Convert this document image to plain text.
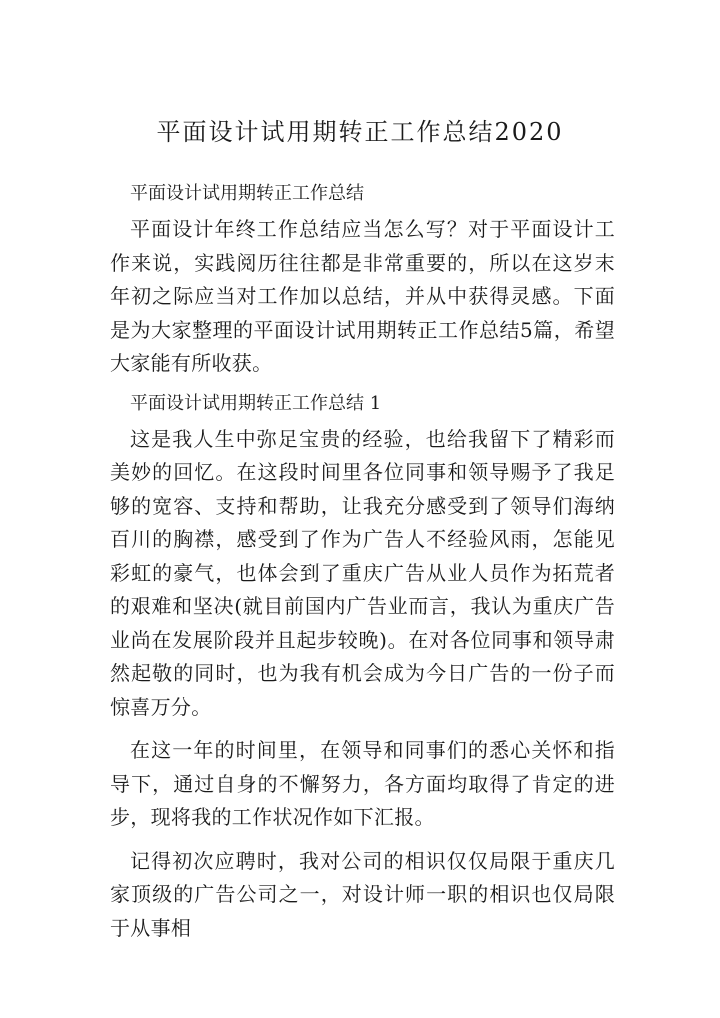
平面设计试用期转正工作总结2020

平面设计试用期转正工作总结

平面设计年终工作总结应当怎么写？对于平面设计工作来说，实践阅历往往都是非常重要的，所以在这岁末年初之际应当对工作加以总结，并从中获得灵感。下面是为大家整理的平面设计试用期转正工作总结5篇，希望大家能有所收获。

平面设计试用期转正工作总结 1

这是我人生中弥足宝贵的经验，也给我留下了精彩而美妙的回忆。在这段时间里各位同事和领导赐予了我足够的宽容、支持和帮助，让我充分感受到了领导们海纳百川的胸襟，感受到了作为广告人不经验风雨，怎能见彩虹的豪气，也体会到了重庆广告从业人员作为拓荒者的艰难和坚决(就目前国内广告业而言，我认为重庆广告业尚在发展阶段并且起步较晚)。在对各位同事和领导肃然起敬的同时，也为我有机会成为今日广告的一份子而惊喜万分。

在这一年的时间里，在领导和同事们的悉心关怀和指导下，通过自身的不懈努力，各方面均取得了肯定的进步，现将我的工作状况作如下汇报。

记得初次应聘时，我对公司的相识仅仅局限于重庆几家顶级的广告公司之一，对设计师一职的相识也仅局限于从事相
